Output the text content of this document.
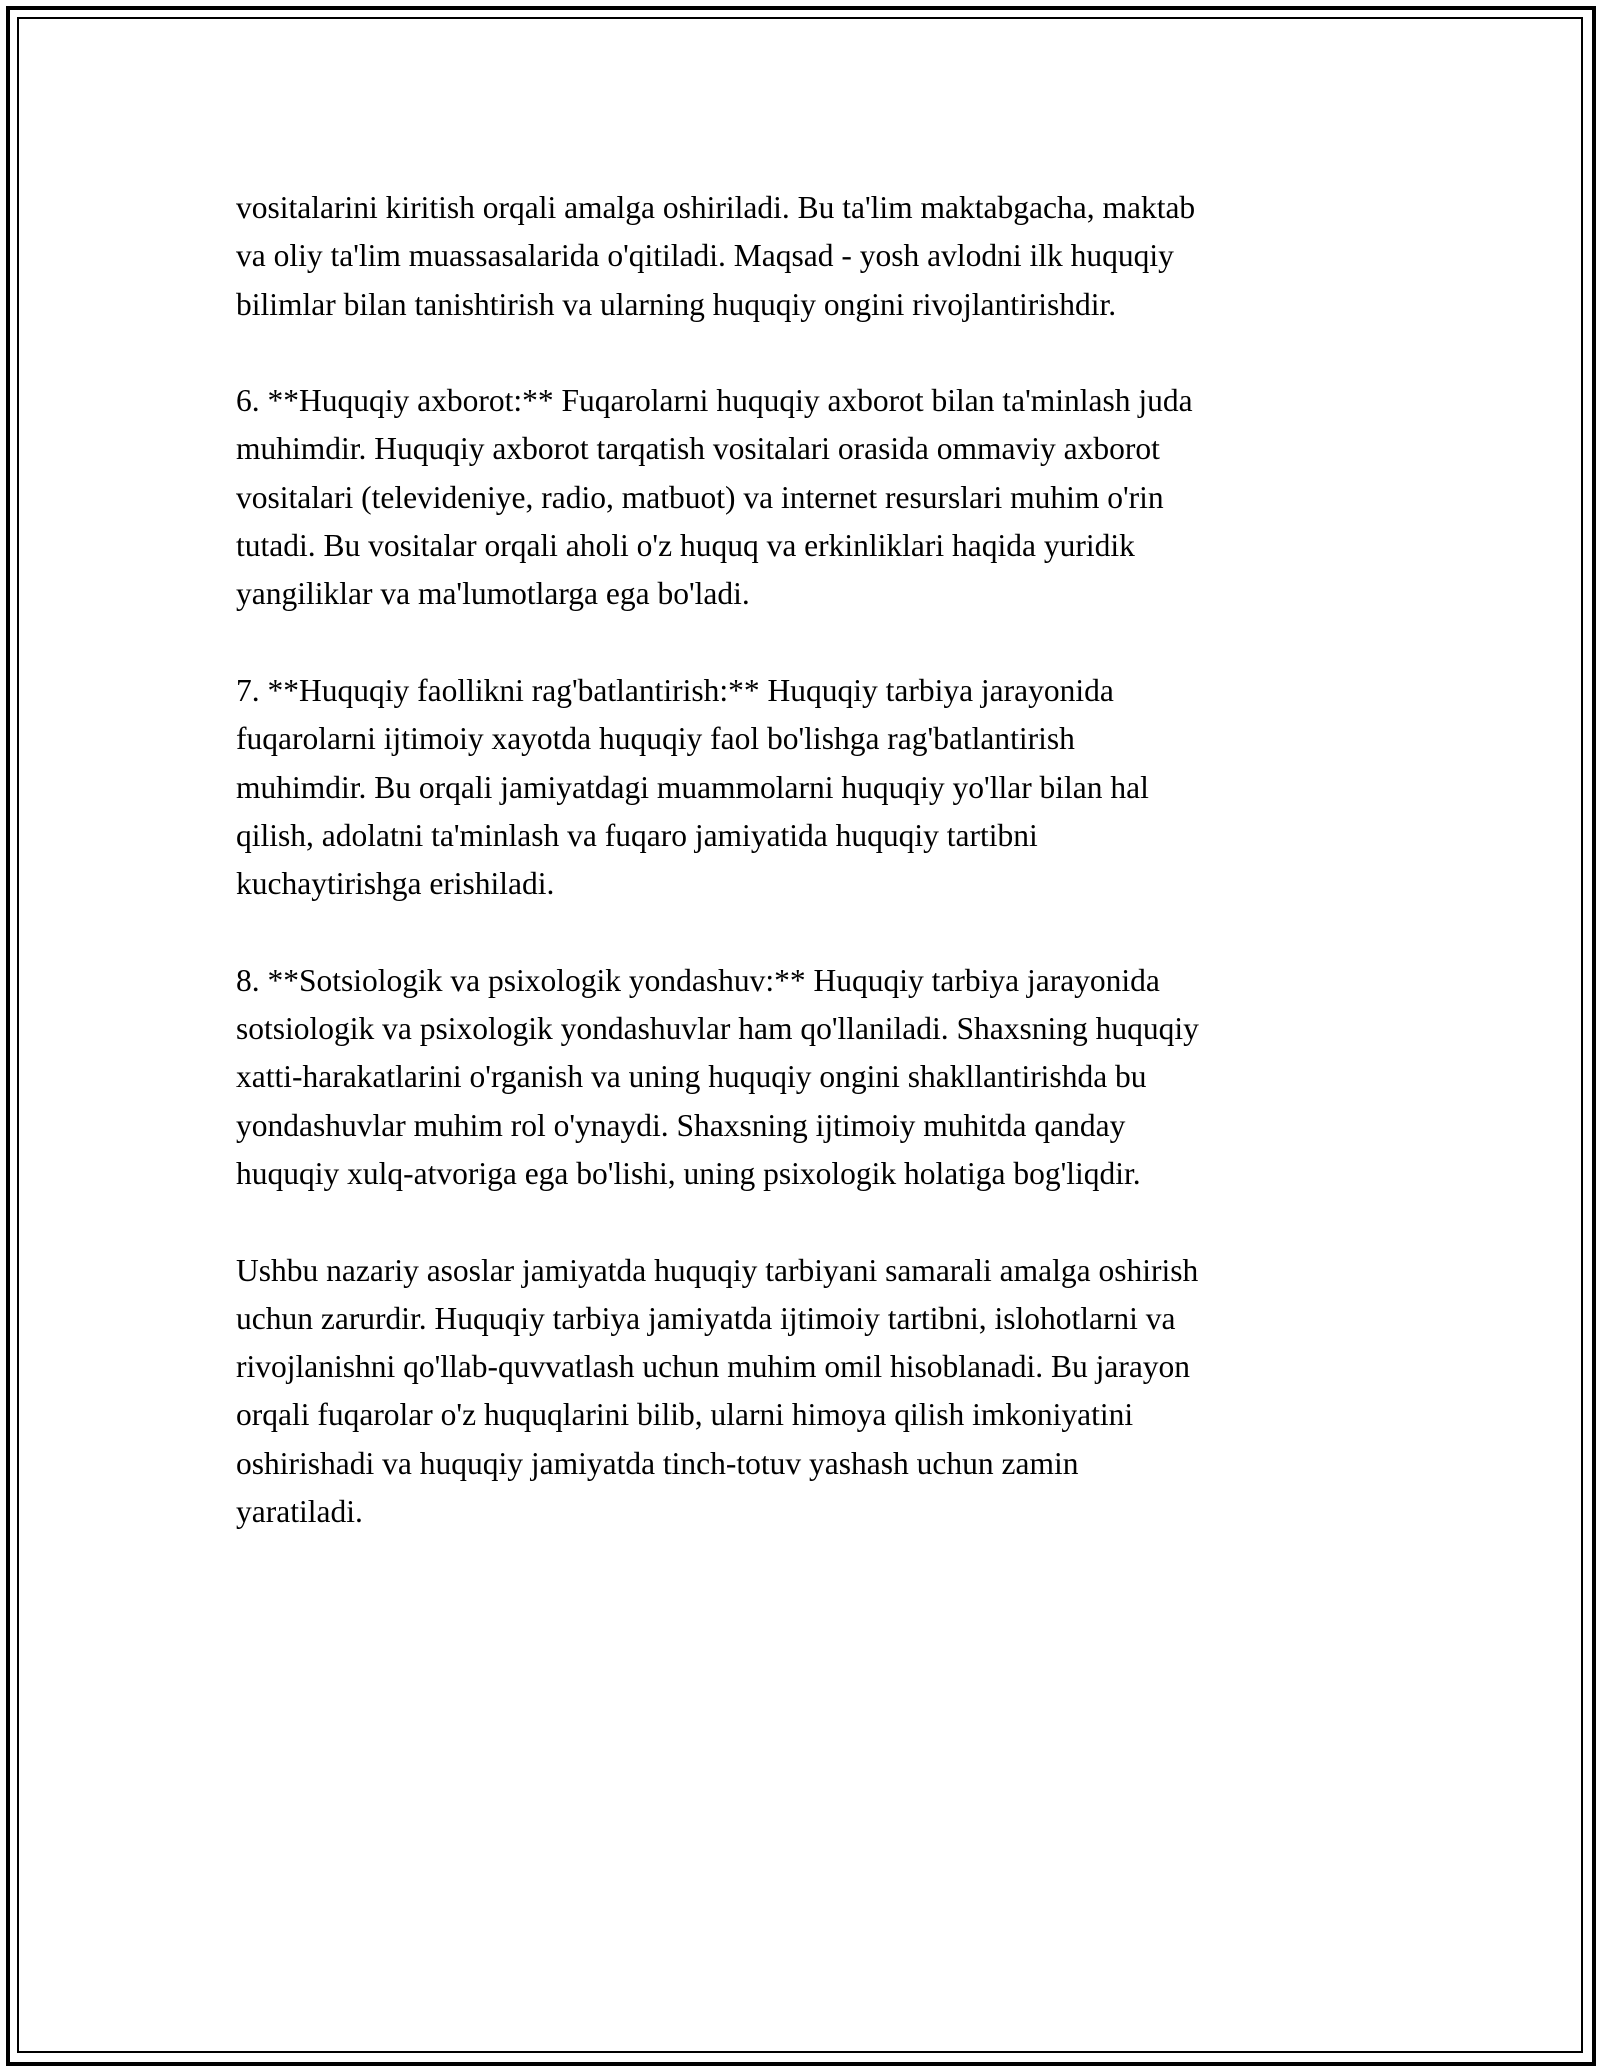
vositalarini kiritish orqali amalga oshiriladi. Bu ta'lim maktabgacha, maktab
va oliy ta'lim muassasalarida o'qitiladi. Maqsad - yosh avlodni ilk huquqiy
bilimlar bilan tanishtirish va ularning huquqiy ongini rivojlantirishdir.

6. **Huquqiy axborot:** Fuqarolarni huquqiy axborot bilan ta'minlash juda
muhimdir. Huquqiy axborot tarqatish vositalari orasida ommaviy axborot
vositalari (televideniye, radio, matbuot) va internet resurslari muhim o'rin
tutadi. Bu vositalar orqali aholi o'z huquq va erkinliklari haqida yuridik
yangiliklar va ma'lumotlarga ega bo'ladi.

7. **Huquqiy faollikni rag'batlantirish:** Huquqiy tarbiya jarayonida
fuqarolarni ijtimoiy xayotda huquqiy faol bo'lishga rag'batlantirish
muhimdir. Bu orqali jamiyatdagi muammolarni huquqiy yo'llar bilan hal
qilish, adolatni ta'minlash va fuqaro jamiyatida huquqiy tartibni
kuchaytirishga erishiladi.

8. **Sotsiologik va psixologik yondashuv:** Huquqiy tarbiya jarayonida
sotsiologik va psixologik yondashuvlar ham qo'llaniladi. Shaxsning huquqiy
xatti-harakatlarini o'rganish va uning huquqiy ongini shakllantirishda bu
yondashuvlar muhim rol o'ynaydi. Shaxsning ijtimoiy muhitda qanday
huquqiy xulq-atvoriga ega bo'lishi, uning psixologik holatiga bog'liqdir.

Ushbu nazariy asoslar jamiyatda huquqiy tarbiyani samarali amalga oshirish
uchun zarurdir. Huquqiy tarbiya jamiyatda ijtimoiy tartibni, islohotlarni va
rivojlanishni qo'llab-quvvatlash uchun muhim omil hisoblanadi. Bu jarayon
orqali fuqarolar o'z huquqlarini bilib, ularni himoya qilish imkoniyatini
oshirishadi va huquqiy jamiyatda tinch-totuv yashash uchun zamin
yaratiladi.
